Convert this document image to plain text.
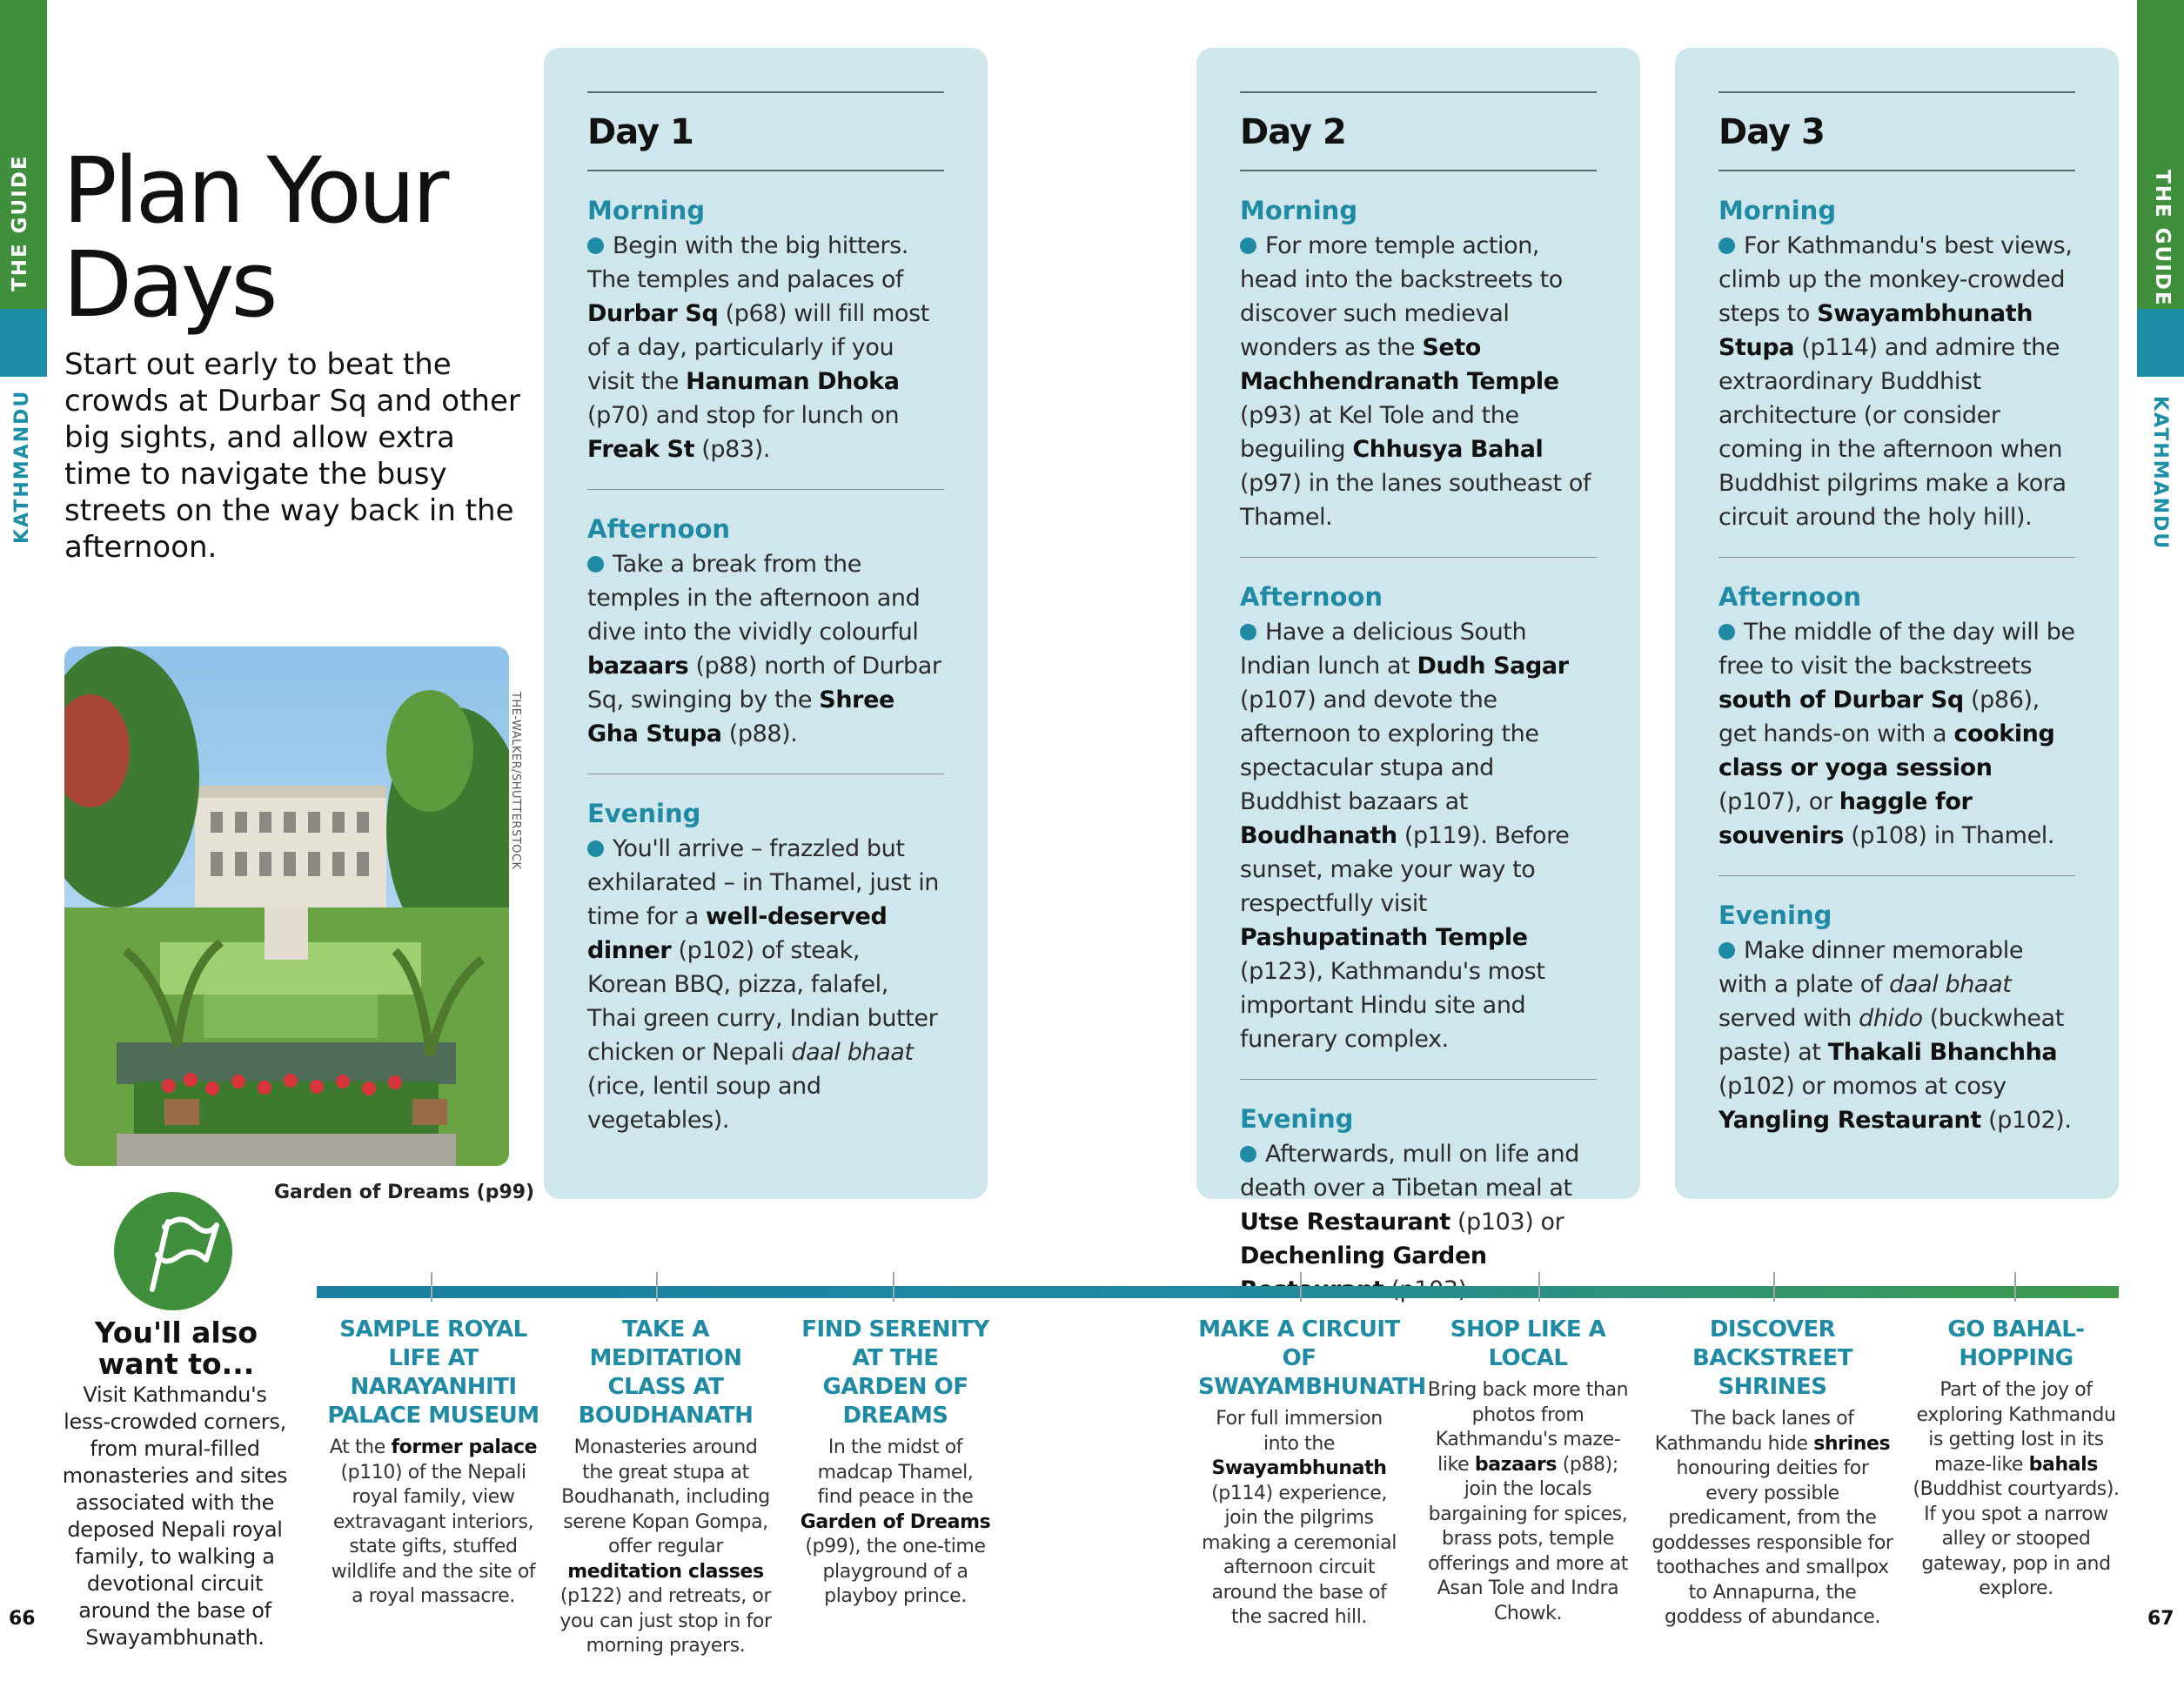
THE GUIDE
KATHMANDU
THE GUIDE
KATHMANDU
Plan Your
Days
Start out early to beat the crowds at Durbar Sq and other big sights, and allow extra time to navigate the busy streets on the way back in the afternoon.
THE-WALKER/SHUTTERSTOCK
Garden of Dreams (p99)
Day 1
Morning
Begin with the big hitters. The temples and palaces of Durbar Sq (p68) will fill most of a day, particularly if you visit the Hanuman Dhoka (p70) and stop for lunch on Freak St (p83).
Afternoon
Take a break from the temples in the afternoon and dive into the vividly colourful bazaars (p88) north of Durbar Sq, swinging by the Shree Gha Stupa (p88).
Evening
You'll arrive – frazzled but exhilarated – in Thamel, just in time for a well-deserved dinner (p102) of steak, Korean BBQ, pizza, falafel, Thai green curry, Indian butter chicken or Nepali daal bhaat (rice, lentil soup and vegetables).
Day 2
Morning
For more temple action, head into the backstreets to discover such medieval wonders as the Seto Machhendranath Temple (p93) at Kel Tole and the beguiling Chhusya Bahal (p97) in the lanes southeast of Thamel.
Afternoon
Have a delicious South Indian lunch at Dudh Sagar (p107) and devote the afternoon to exploring the spectacular stupa and Buddhist bazaars at Boudhanath (p119). Before sunset, make your way to respectfully visit Pashupatinath Temple (p123), Kathmandu's most important Hindu site and funerary complex.
Evening
Afterwards, mull on life and death over a Tibetan meal at Utse Restaurant (p103) or Dechenling Garden
Day 3
Morning
For Kathmandu's best views, climb up the monkey-crowded steps to Swayambhunath Stupa (p114) and admire the extraordinary Buddhist architecture (or consider coming in the afternoon when Buddhist pilgrims make a kora circuit around the holy hill).
Afternoon
The middle of the day will be free to visit the backstreets south of Durbar Sq (p86), get hands-on with a cooking class or yoga session (p107), or haggle for souvenirs (p108) in Thamel.
Evening
Make dinner memorable with a plate of daal bhaat served with dhido (buckwheat paste) at Thakali Bhanchha (p102) or momos at cosy Yangling Restaurant (p102).
You'll also want to...
Visit Kathmandu's less-crowded corners, from mural-filled monasteries and sites associated with the deposed Nepali royal family, to walking a devotional circuit around the base of Swayambhunath.
SAMPLE ROYAL LIFE AT NARAYANHITI PALACE MUSEUM
At the former palace (p110) of the Nepali royal family, view extravagant interiors, state gifts, stuffed wildlife and the site of a royal massacre.
TAKE A MEDITATION CLASS AT BOUDHANATH
Monasteries around the great stupa at Boudhanath, including serene Kopan Gompa, offer regular meditation classes (p122) and retreats, or you can just stop in for morning prayers.
FIND SERENITY AT THE GARDEN OF DREAMS
In the midst of madcap Thamel, find peace in the Garden of Dreams (p99), the one-time playground of a playboy prince.
MAKE A CIRCUIT OF SWAYAMBHUNATH
For full immersion into the Swayambhunath (p114) experience, join the pilgrims making a ceremonial afternoon circuit around the base of the sacred hill.
SHOP LIKE A LOCAL
Bring back more than photos from Kathmandu's maze-like bazaars (p88); join the locals bargaining for spices, brass pots, temple offerings and more at Asan Tole and Indra Chowk.
DISCOVER BACKSTREET SHRINES
The back lanes of Kathmandu hide shrines honouring deities for every possible predicament, from the goddesses responsible for toothaches and smallpox to Annapurna, the goddess of abundance.
GO BAHAL-HOPPING
Part of the joy of exploring Kathmandu is getting lost in its maze-like bahals (Buddhist courtyards). If you spot a narrow alley or stooped gateway, pop in and explore.
66	67
